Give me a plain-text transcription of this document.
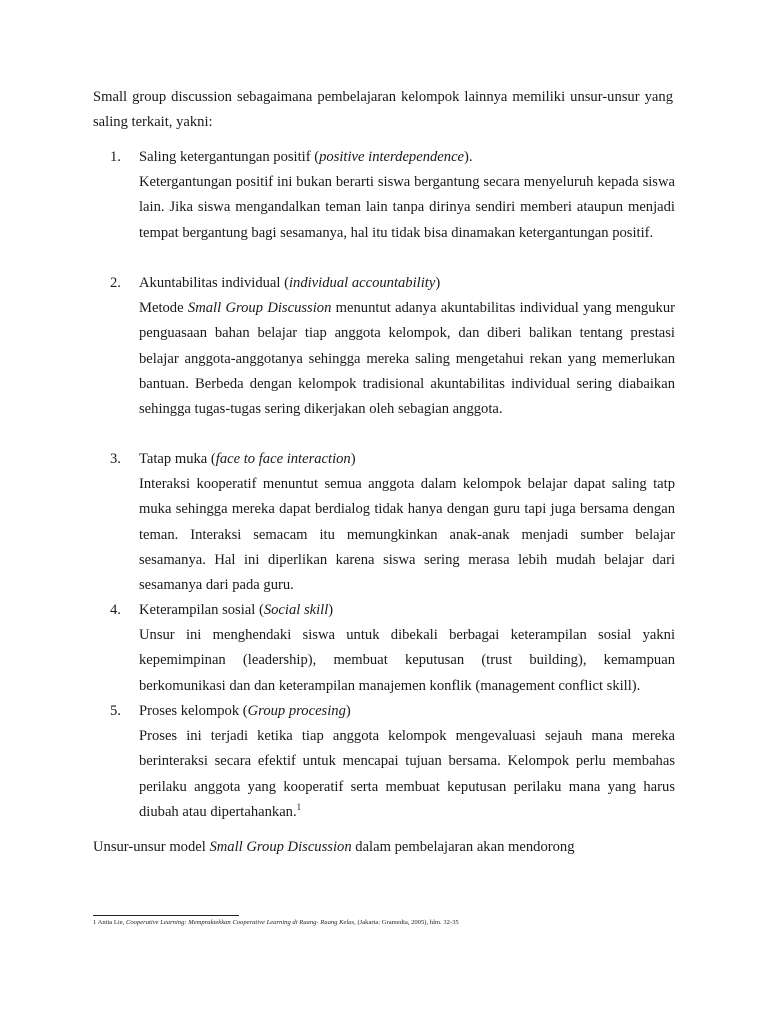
Small group discussion sebagaimana pembelajaran kelompok lainnya memiliki unsur-unsur yang saling terkait, yakni:

1. Saling ketergantungan positif (positive interdependence).

Ketergantungan positif ini bukan berarti siswa bergantung secara menyeluruh kepada siswa lain. Jika siswa mengandalkan teman lain tanpa dirinya sendiri memberi ataupun menjadi tempat bergantung bagi sesamanya, hal itu tidak bisa dinamakan ketergantungan positif.

2. Akuntabilitas individual (individual accountability)

Metode Small Group Discussion menuntut adanya akuntabilitas individual yang mengukur penguasaan bahan belajar tiap anggota kelompok, dan diberi balikan tentang prestasi belajar anggota-anggotanya sehingga mereka saling mengetahui rekan yang memerlukan bantuan. Berbeda dengan kelompok tradisional akuntabilitas individual sering diabaikan sehingga tugas-tugas sering dikerjakan oleh sebagian anggota.

3. Tatap muka (face to face interaction)

Interaksi kooperatif menuntut semua anggota dalam kelompok belajar dapat saling tatp muka sehingga mereka dapat berdialog tidak hanya dengan guru tapi juga bersama dengan teman. Interaksi semacam itu memungkinkan anak-anak menjadi sumber belajar sesamanya. Hal ini diperlikan karena siswa sering merasa lebih mudah belajar dari sesamanya dari pada guru.

4. Keterampilan sosial (Social skill)

Unsur ini menghendaki siswa untuk dibekali berbagai keterampilan sosial yakni kepemimpinan (leadership), membuat keputusan (trust building), kemampuan berkomunikasi dan dan keterampilan manajemen konflik (management conflict skill).

5. Proses kelompok (Group procesing)

Proses ini terjadi ketika tiap anggota kelompok mengevaluasi sejauh mana mereka berinteraksi secara efektif untuk mencapai tujuan bersama. Kelompok perlu membahas perilaku anggota yang kooperatif serta membuat keputusan perilaku mana yang harus diubah atau dipertahankan.$^1$

Unsur-unsur model Small Group Discussion dalam pembelajaran akan mendorong
1 Anita Lie, Cooperative Learning: Mempraktekkan Cooperative Learning di Ruang- Ruang Kelas, (Jakarta: Gramedia, 2005), hlm. 32-35
